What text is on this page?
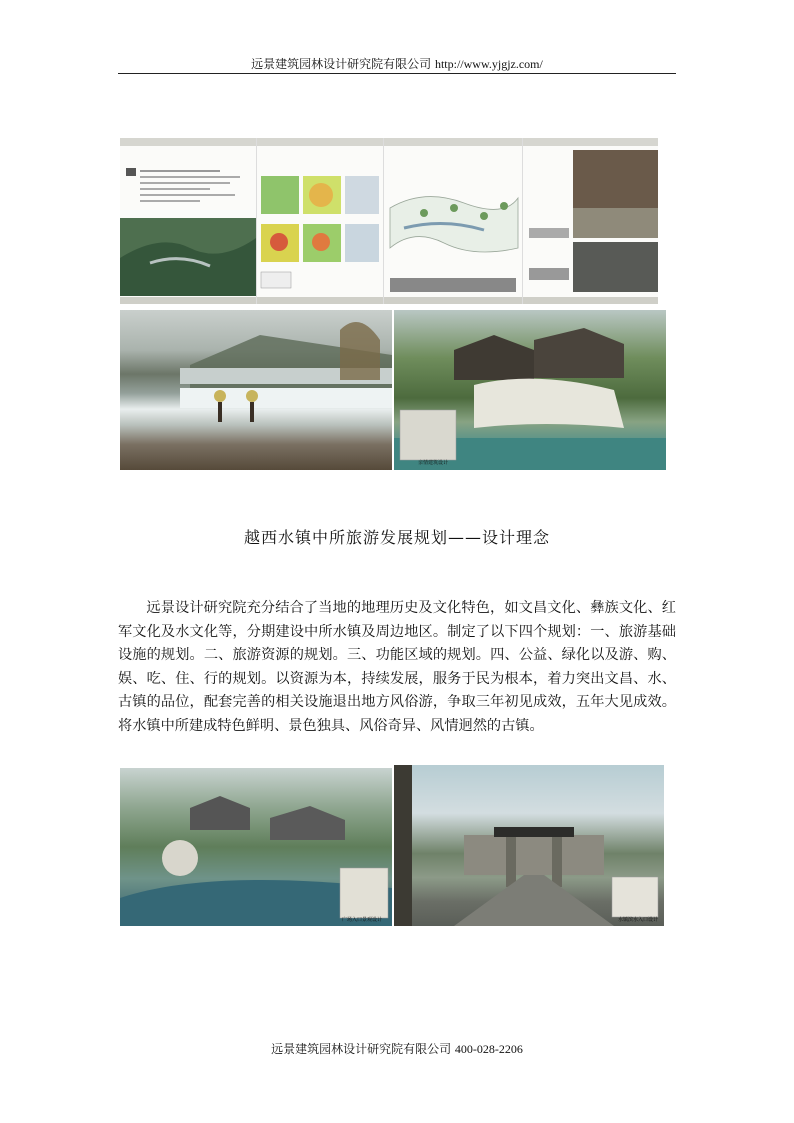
远景建筑园林设计研究院有限公司 http://www.yjgjz.com/
亲情建筑设计
越西水镇中所旅游发展规划——设计理念
远景设计研究院充分结合了当地的地理历史及文化特色，如文昌文化、彝族文化、红军文化及水文化等，分期建设中所水镇及周边地区。制定了以下四个规划：一、旅游基础设施的规划。二、旅游资源的规划。三、功能区域的规划。四、公益、绿化以及游、购、娱、吃、住、行的规划。以资源为本，持续发展，服务于民为根本，着力突出文昌、水、古镇的品位，配套完善的相关设施退出地方风俗游，争取三年初见成效，五年大见成效。将水镇中所建成特色鲜明、景色独具、风俗奇异、风情迥然的古镇。
广场入口景观设计	水镇滨水入口设计
远景建筑园林设计研究院有限公司 400-028-2206
